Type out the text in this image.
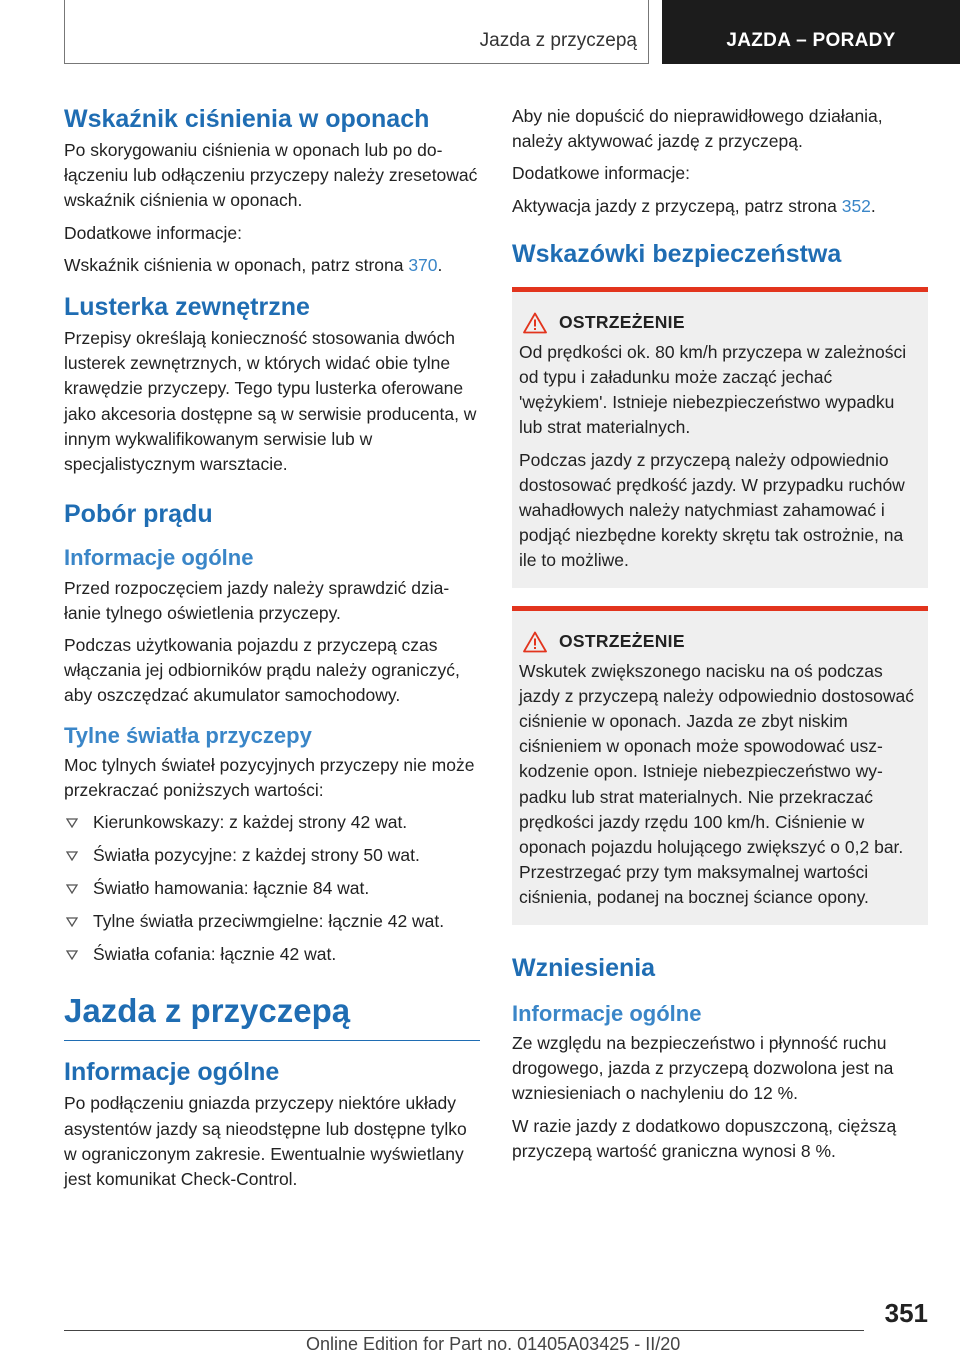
Jazda z przyczepą	JAZDA – PORADY
Wskaźnik ciśnienia w oponach

Po skorygowaniu ciśnienia w oponach lub po dołączeniu lub odłączeniu przyczepy należy zresetować wskaźnik ciśnienia w oponach.

Dodatkowe informacje:

Wskaźnik ciśnienia w oponach, patrz strona 370.

Lusterka zewnętrzne

Przepisy określają konieczność stosowania dwóch lusterek zewnętrznych, w których widać obie tylne krawędzie przyczepy. Tego typu lusterka oferowane jako akcesoria dostępne są w serwisie producenta, w innym wykwalifikowanym serwisie lub w specjalistycznym warsztacie.

Pobór prądu
Informacje ogólne

Przed rozpoczęciem jazdy należy sprawdzić działanie tylnego oświetlenia przyczepy.

Podczas użytkowania pojazdu z przyczepą czas włączania jej odbiorników prądu należy ograniczyć, aby oszczędzać akumulator samochodowy.

Tylne światła przyczepy

Moc tylnych świateł pozycyjnych przyczepy nie może przekraczać poniższych wartości:

Kierunkowskazy: z każdej strony 42 wat.
Światła pozycyjne: z każdej strony 50 wat.
Światło hamowania: łącznie 84 wat.
Tylne światła przeciwmgielne: łącznie 42 wat.
Światła cofania: łącznie 42 wat.
Jazda z przyczepą
Informacje ogólne

Po podłączeniu gniazda przyczepy niektóre układy asystentów jazdy są nieodstępne lub dostępne tylko w ograniczonym zakresie. Ewentualnie wyświetlany jest komunikat Check-Control.

Aby nie dopuścić do nieprawidłowego działania, należy aktywować jazdę z przyczepą.

Dodatkowe informacje:

Aktywacja jazdy z przyczepą, patrz strona 352.

Wskazówki bezpieczeństwa
OSTRZEŻENIE

Od prędkości ok. 80 km/h przyczepa w zależności od typu i załadunku może zacząć jechać 'wężykiem'. Istnieje niebezpieczeństwo wypadku lub strat materialnych.

Podczas jazdy z przyczepą należy odpowiednio dostosować prędkość jazdy. W przypadku ruchów wahadłowych należy natychmiast zahamować i podjąć niezbędne korekty skrętu tak ostrożnie, na ile to możliwe.

OSTRZEŻENIE

Wskutek zwiększonego nacisku na oś podczas jazdy z przyczepą należy odpowiednio dostosować ciśnienie w oponach. Jazda ze zbyt niskim ciśnieniem w oponach może spowodować uszkodzenie opon. Istnieje niebezpieczeństwo wypadku lub strat materialnych. Nie przekraczać prędkości jazdy rzędu 100 km/h. Ciśnienie w oponach pojazdu holującego zwiększyć o 0,2 bar. Przestrzegać przy tym maksymalnej wartości ciśnienia, podanej na bocznej ściance opony.

Wzniesienia
Informacje ogólne

Ze względu na bezpieczeństwo i płynność ruchu drogowego, jazda z przyczepą dozwolona jest na wzniesieniach o nachyleniu do 12 %.

W razie jazdy z dodatkowo dopuszczoną, cięższą przyczepą wartość graniczna wynosi 8 %.

351
Online Edition for Part no. 01405A03425 - II/20
